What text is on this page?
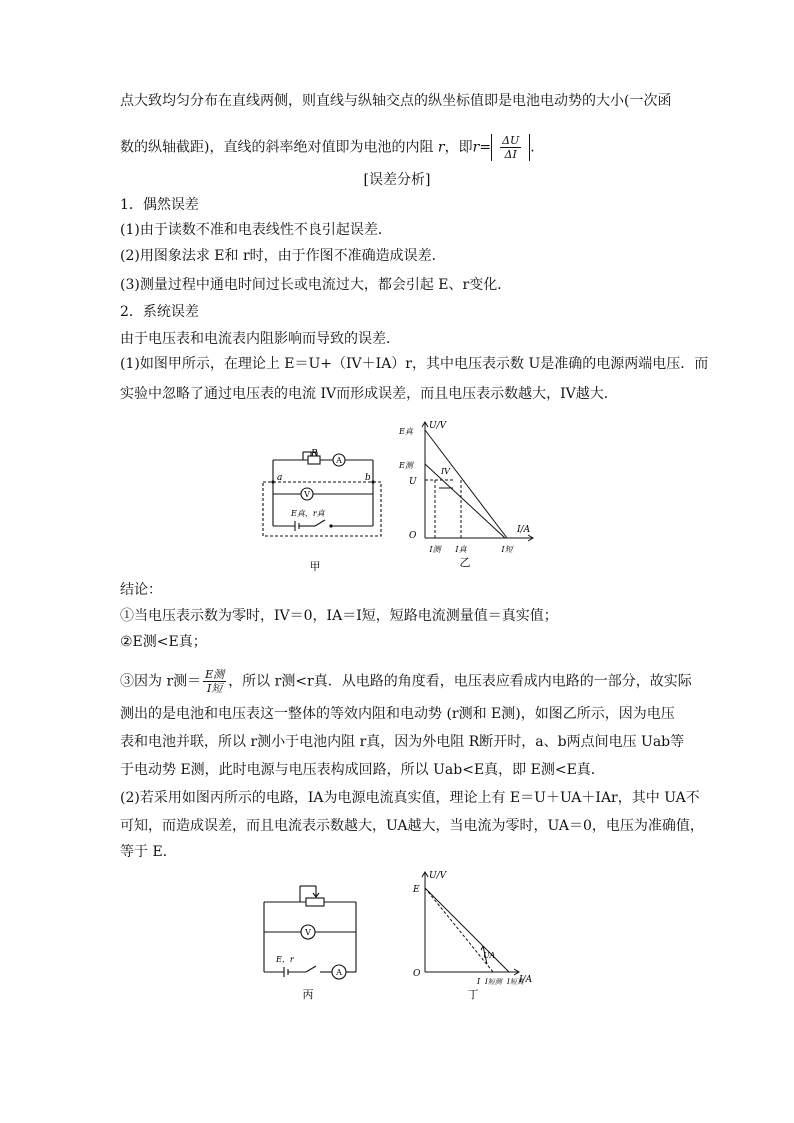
点大致均匀分布在直线两侧，则直线与纵轴交点的纵坐标值即是电池电动势的大小(一次函
数的纵轴截距)，直线的斜率绝对值即为电池的内阻 r，即$r= \frac{\Delta U}{\Delta I}$ .
[误差分析]
1．偶然误差
(1)由于读数不准和电表线性不良引起误差．
(2)用图象法求 E和 r时，由于作图不准确造成误差．
(3)测量过程中通电时间过长或电流过大，都会引起 E、r变化．
2．系统误差
由于电压表和电流表内阻影响而导致的误差．
(1)如图甲所示，在理论上 E＝U+（IV＋IA）r，其中电压表示数 U是准确的电源两端电压．而
实验中忽略了通过电压表的电流 IV而形成误差，而且电压表示数越大，IV越大．
R
A
V
a	b
E真，r真
甲
U/V
I/A
E真
E测
U
IV
O
I测 I真	I短
乙
结论：
①当电压表示数为零时，IV＝0，IA＝I短，短路电流测量值＝真实值；
②E测<E真；
③因为 r测＝ $\frac{\text{E测}}{\text{I短}}$ ，所以 r测<r真．从电路的角度看，电压表应看成内电路的一部分，故实际
测出的是电池和电压表这一整体的等效内阻和电动势 (r测和 E测)，如图乙所示，因为电压
表和电池并联，所以 r测小于电池内阻 r真，因为外电阻 R断开时，a、b两点间电压 Uab等
于电动势 E测，此时电源与电压表构成回路，所以 Uab<E真，即 E测<E真．
(2)若采用如图丙所示的电路，IA为电源电流真实值，理论上有 E＝U＋UA＋IAr，其中 UA不
可知，而造成误差，而且电流表示数越大，UA越大，当电流为零时，UA＝0，电压为准确值，
等于 E.
V
A
E，r
丙
U/V
I/A
E
O
UA
I I短测 I短真
丁
